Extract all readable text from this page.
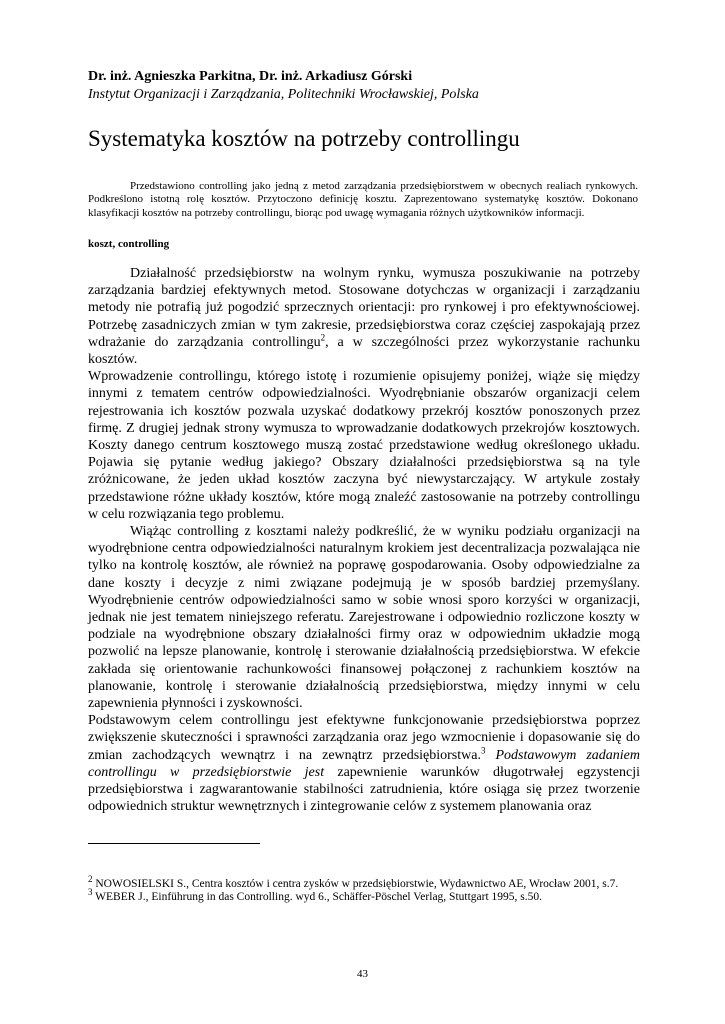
Dr. inż. Agnieszka Parkitna, Dr. inż. Arkadiusz Górski
Instytut Organizacji i Zarządzania, Politechniki Wrocławskiej, Polska
Systematyka kosztów na potrzeby controllingu

Przedstawiono controlling jako jedną z metod zarządzania przedsiębiorstwem w obecnych realiach rynkowych. Podkreślono istotną rolę kosztów. Przytoczono definicję kosztu. Zaprezentowano systematykę kosztów. Dokonano klasyfikacji kosztów na potrzeby controllingu, biorąc pod uwagę wymagania różnych użytkowników informacji.

koszt, controlling

Działalność przedsiębiorstw na wolnym rynku, wymusza poszukiwanie na potrzeby zarządzania bardziej efektywnych metod. Stosowane dotychczas w organizacji i zarządzaniu metody nie potrafią już pogodzić sprzecznych orientacji: pro rynkowej i pro efektywnościowej. Potrzebę zasadniczych zmian w tym zakresie, przedsiębiorstwa coraz częściej zaspokajają przez wdrażanie do zarządzania controllingu$^2$, a w szczególności przez wykorzystanie rachunku kosztów.

Wprowadzenie controllingu, którego istotę i rozumienie opisujemy poniżej, wiąże się między innymi z tematem centrów odpowiedzialności. Wyodrębnianie obszarów organizacji celem rejestrowania ich kosztów pozwala uzyskać dodatkowy przekrój kosztów ponoszonych przez firmę. Z drugiej jednak strony wymusza to wprowadzanie dodatkowych przekrojów kosztowych. Koszty danego centrum kosztowego muszą zostać przedstawione według określonego układu. Pojawia się pytanie według jakiego? Obszary działalności przedsiębiorstwa są na tyle zróżnicowane, że jeden układ kosztów zaczyna być niewystarczający. W artykule zostały przedstawione różne układy kosztów, które mogą znaleźć zastosowanie na potrzeby controllingu w celu rozwiązania tego problemu.

Wiążąc controlling z kosztami należy podkreślić, że w wyniku podziału organizacji na wyodrębnione centra odpowiedzialności naturalnym krokiem jest decentralizacja pozwalająca nie tylko na kontrolę kosztów, ale również na poprawę gospodarowania. Osoby odpowiedzialne za dane koszty i decyzje z nimi związane podejmują je w sposób bardziej przemyślany. Wyodrębnienie centrów odpowiedzialności samo w sobie wnosi sporo korzyści w organizacji, jednak nie jest tematem niniejszego referatu. Zarejestrowane i odpowiednio rozliczone koszty w podziale na wyodrębnione obszary działalności firmy oraz w odpowiednim układzie mogą pozwolić na lepsze planowanie, kontrolę i sterowanie działalnością przedsiębiorstwa. W efekcie zakłada się orientowanie rachunkowości finansowej połączonej z rachunkiem kosztów na planowanie, kontrolę i sterowanie działalnością przedsiębiorstwa, między innymi w celu zapewnienia płynności i zyskowności.

Podstawowym celem controllingu jest efektywne funkcjonowanie przedsiębiorstwa poprzez zwiększenie skuteczności i sprawności zarządzania oraz jego wzmocnienie i dopasowanie się do zmian zachodzących wewnątrz i na zewnątrz przedsiębiorstwa.$^3$ Podstawowym zadaniem controllingu w przedsiębiorstwie jest zapewnienie warunków długotrwałej egzystencji przedsiębiorstwa i zagwarantowanie stabilności zatrudnienia, które osiąga się przez tworzenie odpowiednich struktur wewnętrznych i zintegrowanie celów z systemem planowania oraz

$^2$ NOWOSIELSKI S., Centra kosztów i centra zysków w przedsiębiorstwie, Wydawnictwo AE, Wrocław 2001, s.7.

$^3$ WEBER J., Einführung in das Controlling. wyd 6., Schäffer-Pöschel Verlag, Stuttgart 1995, s.50.

43
